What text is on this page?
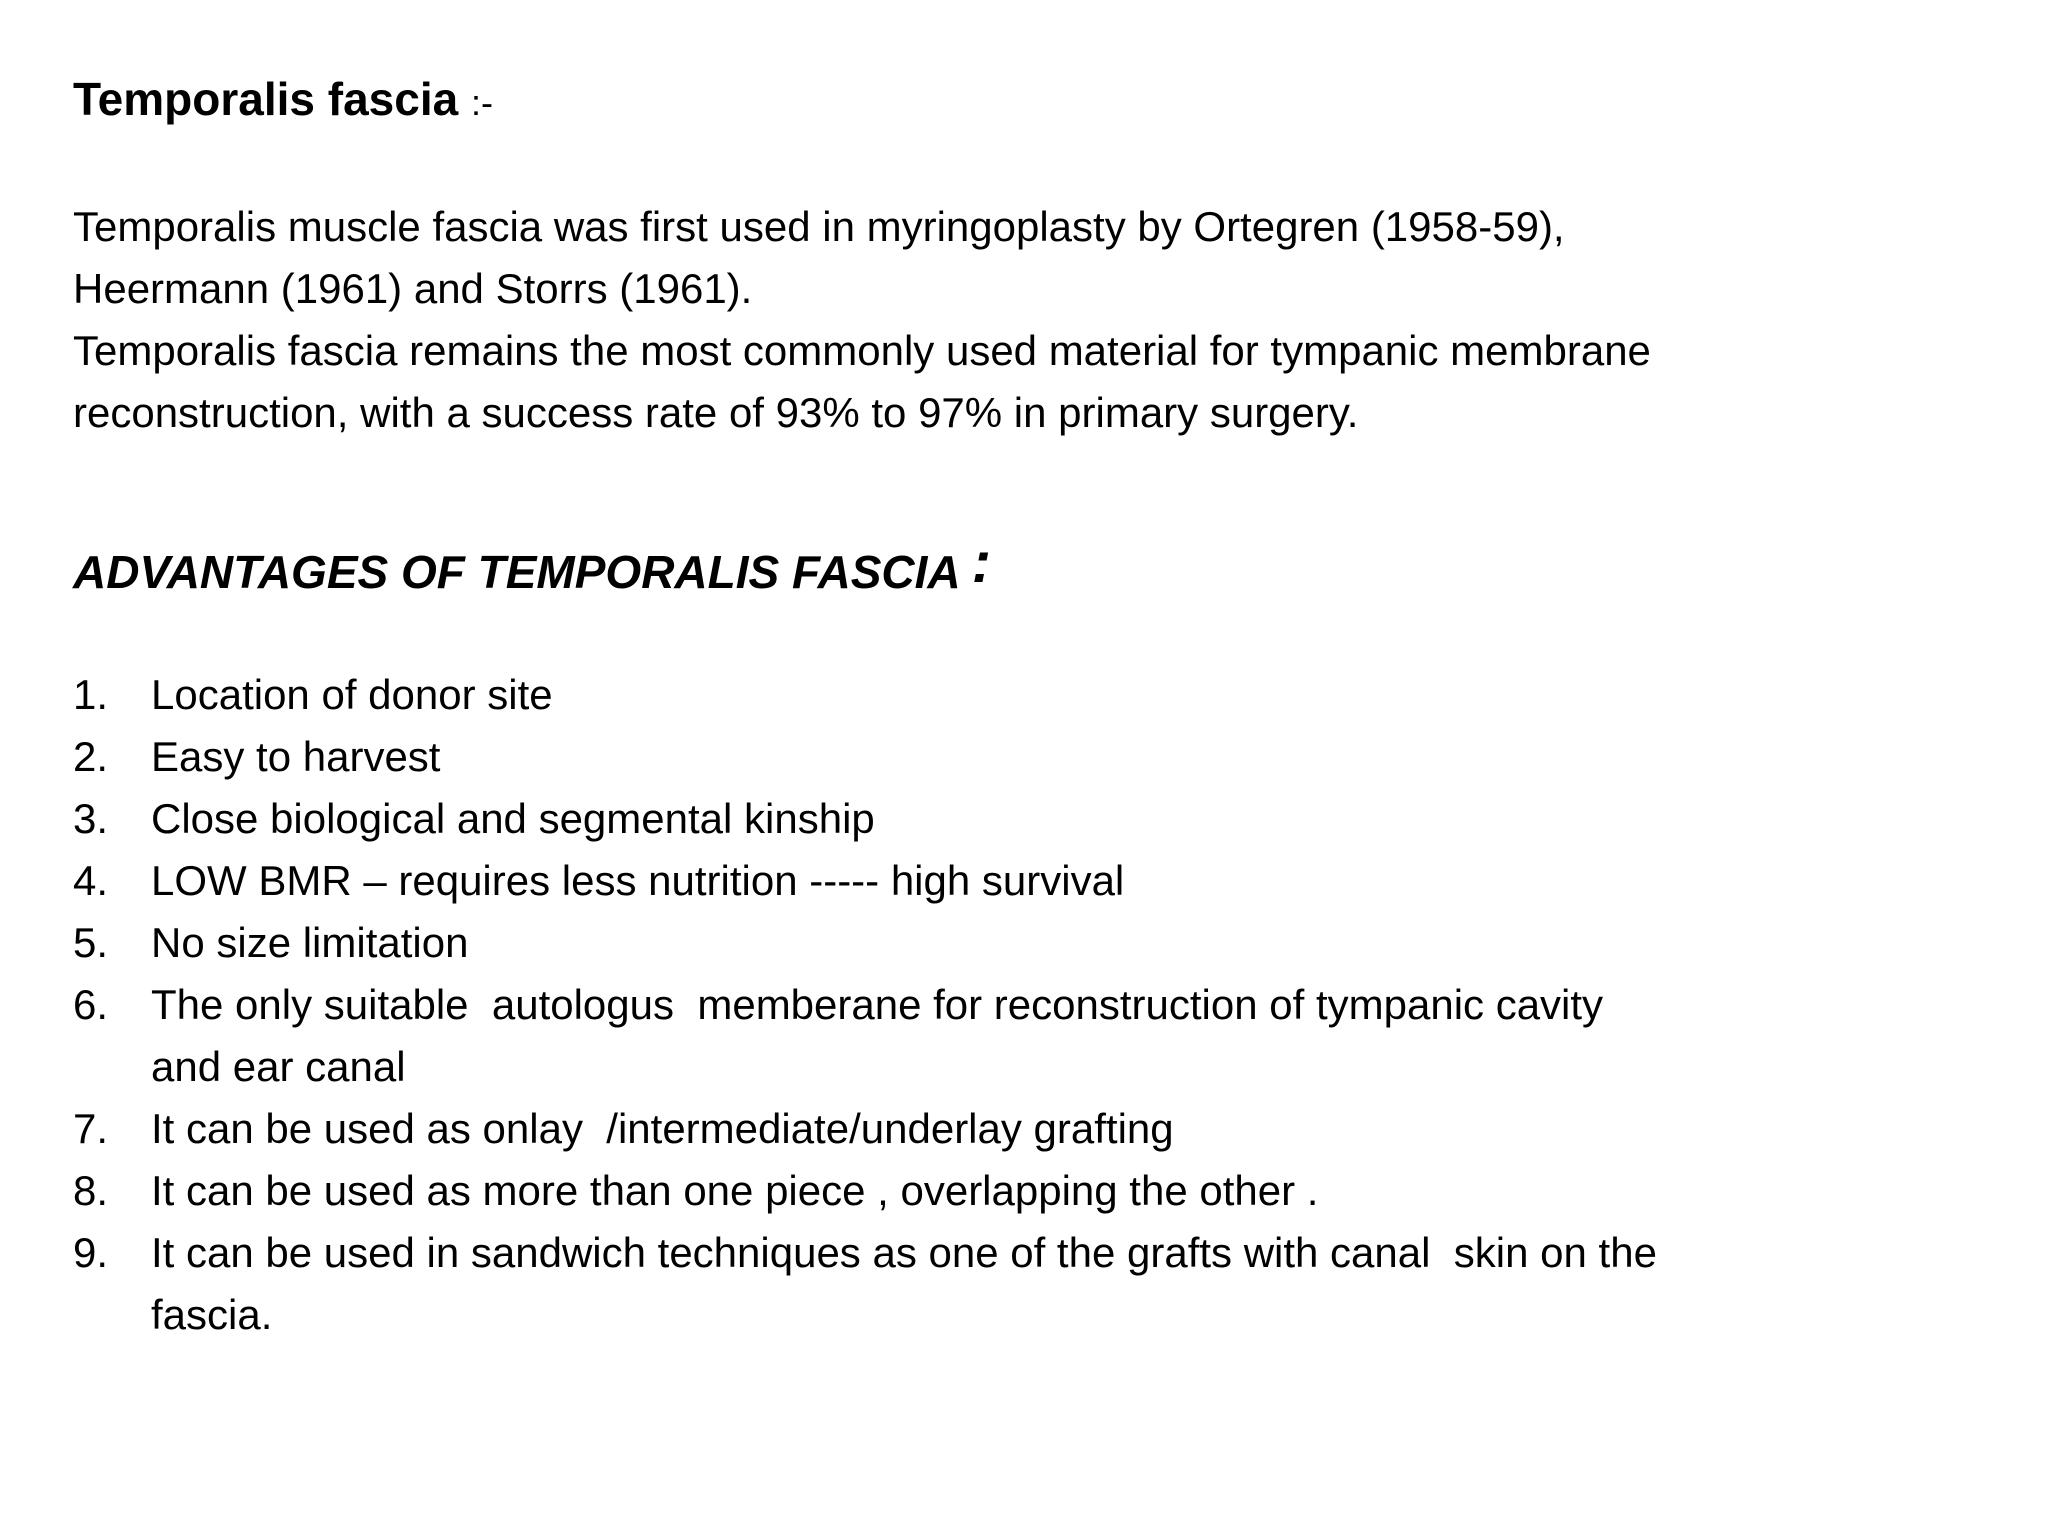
Temporalis fascia :-

Temporalis muscle fascia was first used in myringoplasty by Ortegren (1958-59),

Heermann (1961) and Storrs (1961).

Temporalis fascia remains the most commonly used material for tympanic membrane

reconstruction, with a success rate of 93% to 97% in primary surgery.

ADVANTAGES OF TEMPORALIS FASCIA :
1.	Location of donor site
2.	Easy to harvest
3.	Close biological and segmental kinship
4.	LOW BMR – requires less nutrition ----- high survival
5.	No size limitation
6.	The only suitable  autologus  memberane for reconstruction of tympanic cavity
and ear canal
7.	It can be used as onlay  /intermediate/underlay grafting
8.	It can be used as more than one piece , overlapping the other .
9.	It can be used in sandwich techniques as one of the grafts with canal  skin on the
fascia.
